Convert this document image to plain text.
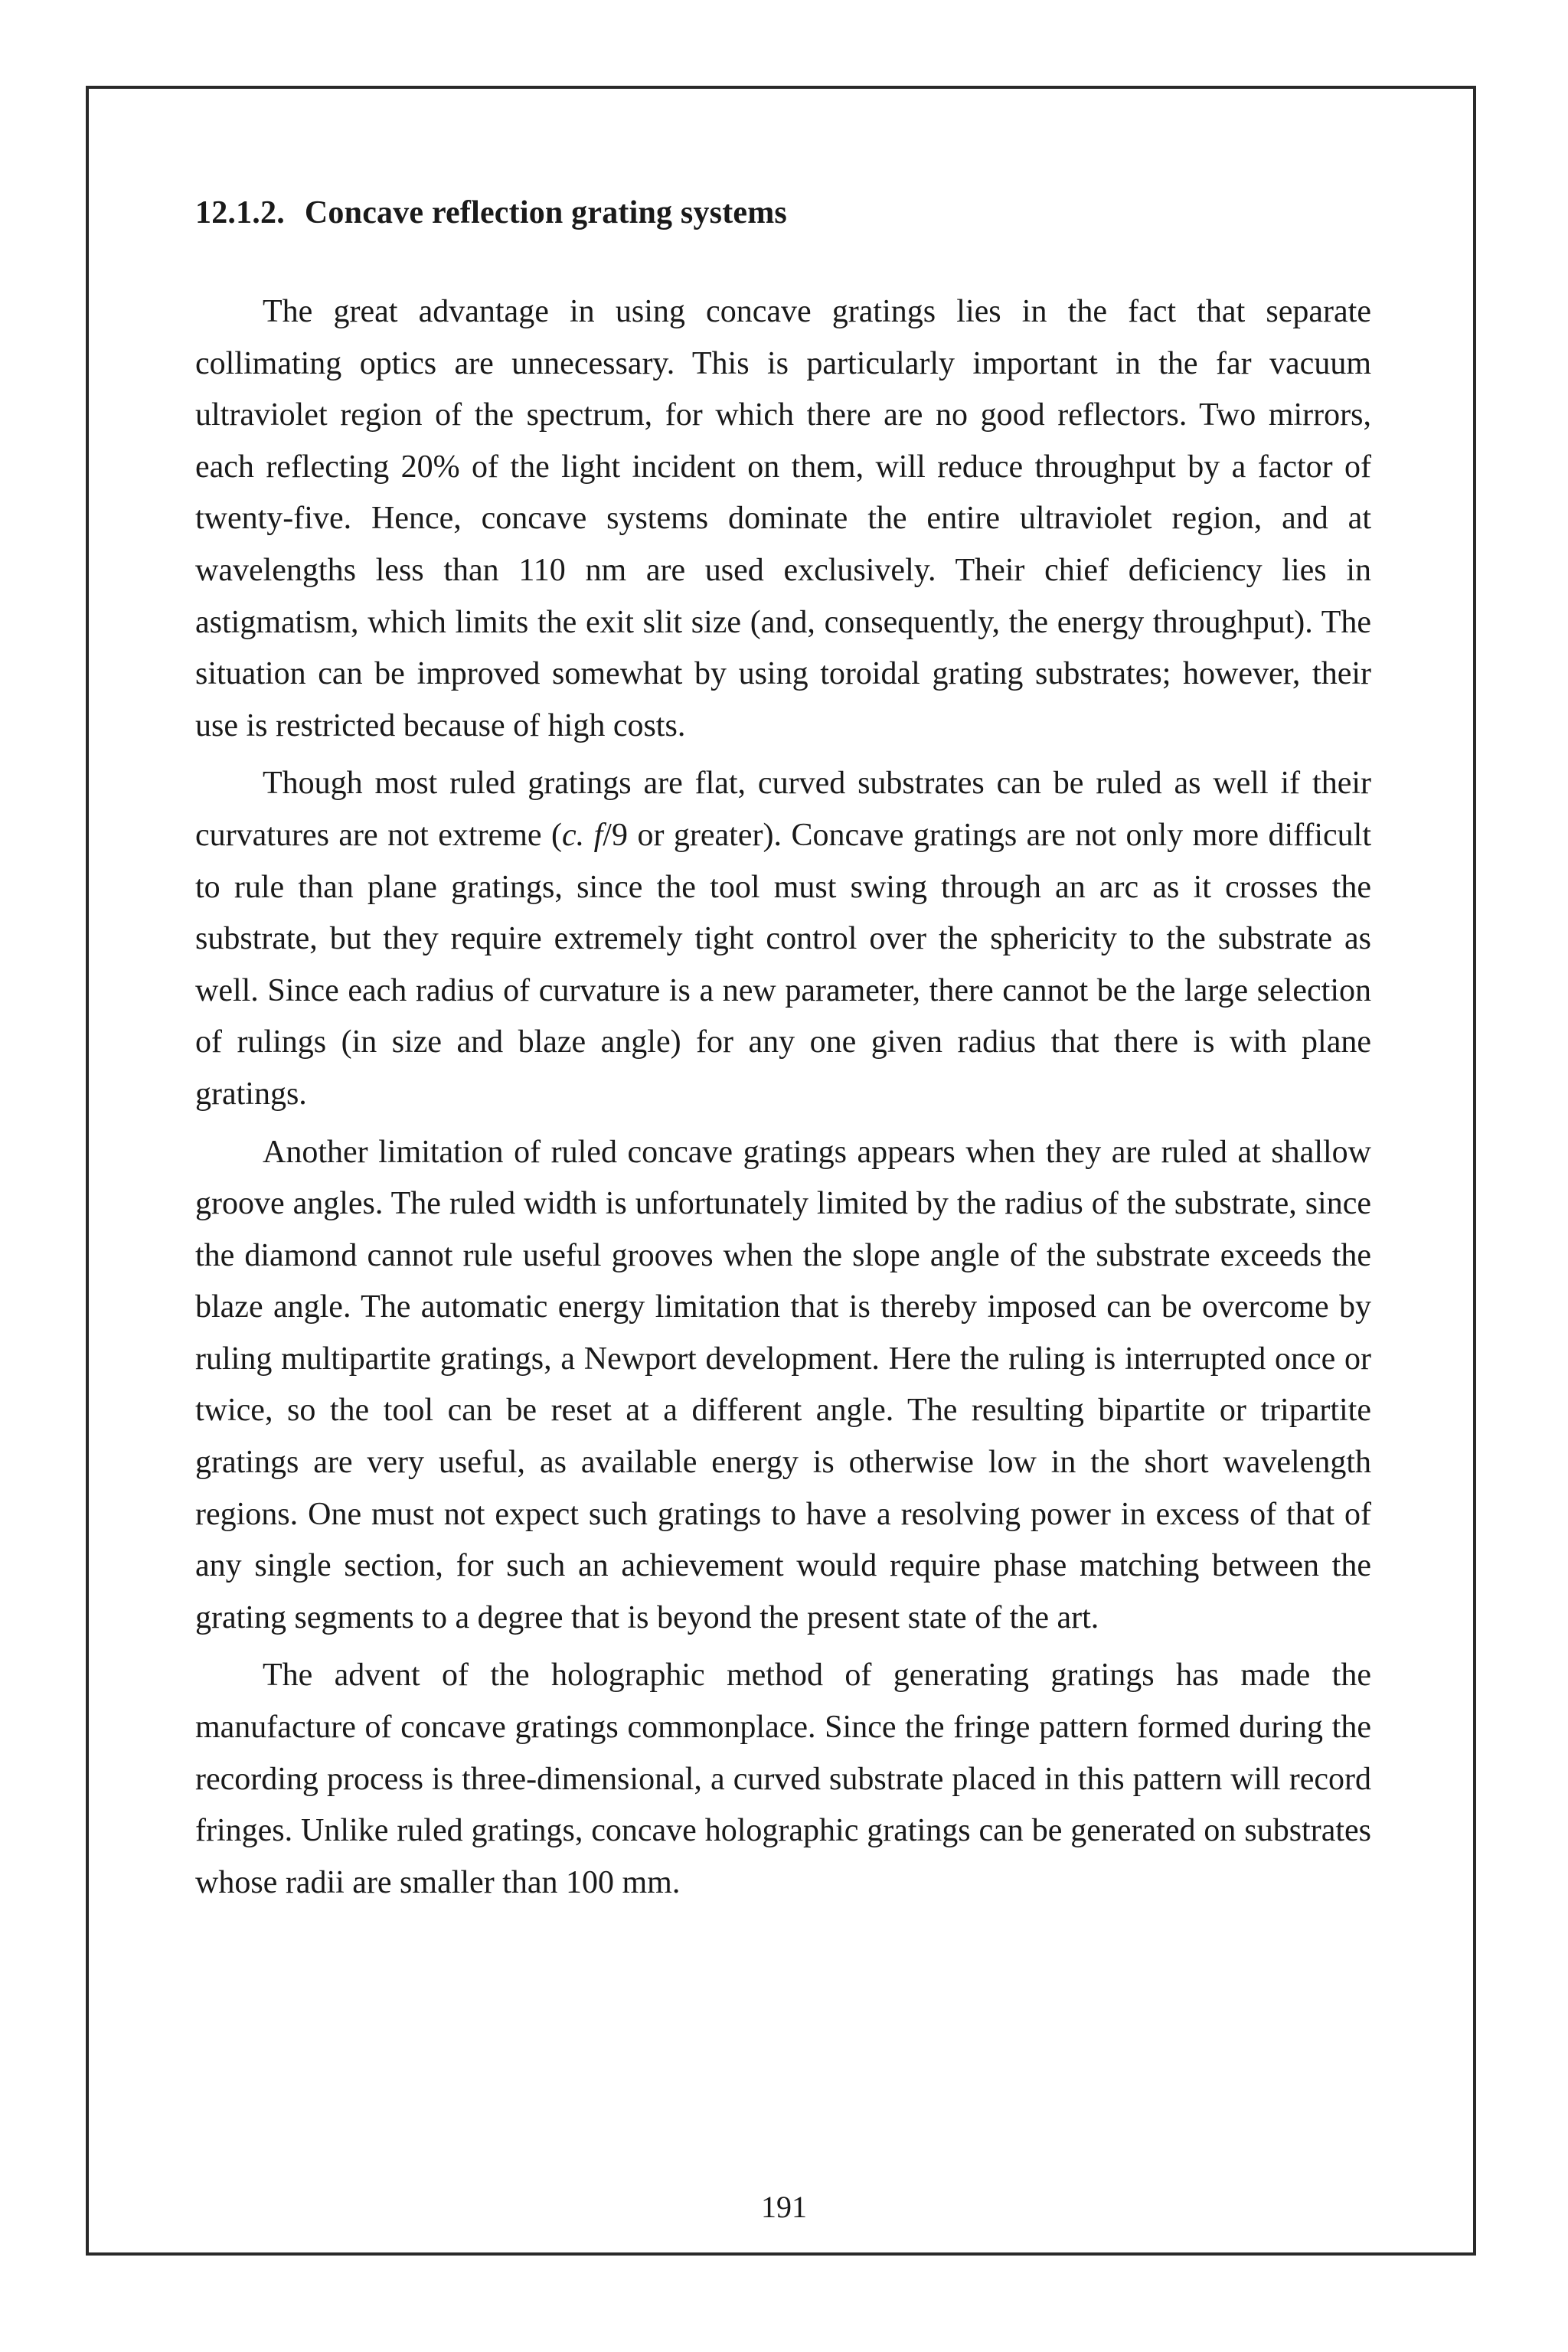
12.1.2. Concave reflection grating systems

The great advantage in using concave gratings lies in the fact that separate collimating optics are unnecessary. This is particularly important in the far vacuum ultraviolet region of the spectrum, for which there are no good reflectors. Two mirrors, each reflecting 20% of the light incident on them, will reduce throughput by a factor of twenty-five. Hence, concave systems dominate the entire ultraviolet region, and at wavelengths less than 110 nm are used exclusively. Their chief deficiency lies in astigmatism, which limits the exit slit size (and, consequently, the energy throughput). The situation can be improved somewhat by using toroidal grating substrates; however, their use is restricted because of high costs.

Though most ruled gratings are flat, curved substrates can be ruled as well if their curvatures are not extreme (c. f/9 or greater). Concave gratings are not only more difficult to rule than plane gratings, since the tool must swing through an arc as it crosses the substrate, but they require extremely tight control over the sphericity to the substrate as well. Since each radius of curvature is a new parameter, there cannot be the large selection of rulings (in size and blaze angle) for any one given radius that there is with plane gratings.

Another limitation of ruled concave gratings appears when they are ruled at shallow groove angles. The ruled width is unfortunately limited by the radius of the substrate, since the diamond cannot rule useful grooves when the slope angle of the substrate exceeds the blaze angle. The automatic energy limitation that is thereby imposed can be overcome by ruling multipartite gratings, a Newport development. Here the ruling is interrupted once or twice, so the tool can be reset at a different angle. The resulting bipartite or tripartite gratings are very useful, as available energy is otherwise low in the short wavelength regions. One must not expect such gratings to have a resolving power in excess of that of any single section, for such an achievement would require phase matching between the grating segments to a degree that is beyond the present state of the art.

The advent of the holographic method of generating gratings has made the manufacture of concave gratings commonplace. Since the fringe pattern formed during the recording process is three-dimensional, a curved substrate placed in this pattern will record fringes. Unlike ruled gratings, concave holographic gratings can be generated on substrates whose radii are smaller than 100 mm.

191
